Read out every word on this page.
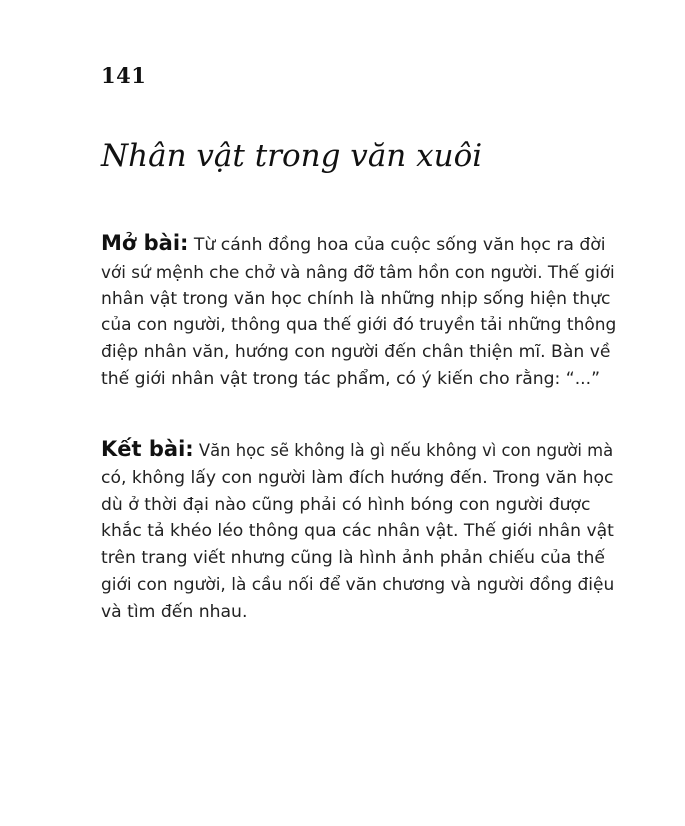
141
Nhân vật trong văn xuôi
Mở bài: Từ cánh đồng hoa của cuộc sống văn học ra đời
với sứ mệnh che chở và nâng đỡ tâm hồn con người. Thế giới
nhân vật trong văn học chính là những nhịp sống hiện thực
của con người, thông qua thế giới đó truyền tải những thông
điệp nhân văn, hướng con người đến chân thiện mĩ. Bàn về
thế giới nhân vật trong tác phẩm, có ý kiến cho rằng: “...”
Kết bài: Văn học sẽ không là gì nếu không vì con người mà
có, không lấy con người làm đích hướng đến. Trong văn học
dù ở thời đại nào cũng phải có hình bóng con người được
khắc tả khéo léo thông qua các nhân vật. Thế giới nhân vật
trên trang viết nhưng cũng là hình ảnh phản chiếu của thế
giới con người, là cầu nối để văn chương và người đồng điệu
và tìm đến nhau.
